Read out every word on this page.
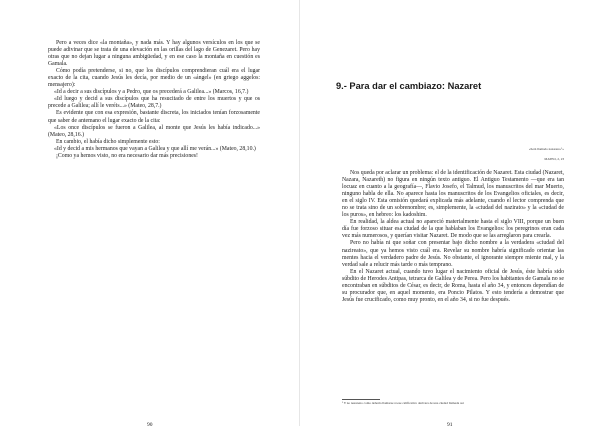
Pero a veces dice «la montaña», y nada más. Y hay algunos versículos en los que se puede adivinar que se trata de una elevación en las orillas del lago de Genezaret. Pero hay otras que no dejan lugar a ninguna ambigüedad, y en ese caso la montaña en cuestión es Gamala.

Cómo podía pretenderse, si no, que los discípulos comprendieran cuál era el lugar exacto de la cita, cuando Jesús les decía, por medio de un «ángel» (en griego aggelos: mensajero):

«Id a decir a sus discípulos y a Pedro, que os precederá a Galilea...» (Marcos, 16,7.)

«Id luego y decid a sus discípulos que ha resucitado de entre los muertos y que os precede a Galilea; allí le veréis...» (Mateo, 28,7.)

Es evidente que con esa expresión, bastante discreta, los iniciados tenían forzosamente que saber de antemano el lugar exacto de la cita:

«Los once discípulos se fueron a Galilea, al monte que Jesús les había indicado...» (Mateo, 28,16.)

En cambio, el había dicho simplemente esto:

«Id y decid a mis hermanos que vayan a Galilea y que allí me verán...» (Mateo, 28,10.)

¡Como ya hemos visto, no era necesario dar más precisiones!

90
9.- Para dar el cambiazo: Nazaret
«Será llamado nazareno.¹»
MATEO, 2, 23

Nos queda por aclarar un problema: el de la identificación de Nazaret. Esta ciudad (Nazaret, Nazara, Nazareth) no figura en ningún texto antiguo. El Antiguo Testamento —que era tan locuaz en cuanto a la geografía—, Flavio Josefo, el Talmud, los manuscritos del mar Muerto, ninguno habla de ella. No aparece hasta los manuscritos de los Evangelios oficiales, es decir, en el siglo IV. Esta omisión quedará explicada más adelante, cuando el lector comprenda que no se trata sino de un sobrenombre; es, simplemente, la «ciudad del nazirato» y la «ciudad de los puros», en hebreo: los kadoshim.

En realidad, la aldea actual no apareció materialmente hasta el siglo VIII, porque un buen día fue forzoso situar esa ciudad de la que hablaban los Evangelios: los peregrinos eran cada vez más numerosos, y querían visitar Nazaret. De modo que se las arreglaron para crearla.

Pero no había ni que soñar con presentar bajo dicho nombre a la verdadera «ciudad del nazireato», que ya hemos visto cuál era. Revelar su nombre habría significado orientar las mentes hacia el verdadero padre de Jesús. No obstante, el ignorante siempre miente mal, y la verdad sale a relucir más tarde o más temprano.

En el Nazaret actual, cuando tuvo lugar el nacimiento oficial de Jesús, éste habría sido súbdito de Herodes Antipas, tetrarca de Galilea y de Perea. Pero los habitantes de Gamala no se encontraban en súbditos de César, es decir, de Roma, hasta el año 34, y entonces dependían de su procurador que, en aquel momento, era Poncio Pilatos. Y esto tendería a demostrar que Jesús fue crucificado, como muy pronto, en el año 34, si no fue después.

¹ Y no nazareno como debería llamarse si ese calificativo derivara de una ciudad llamada así
91
